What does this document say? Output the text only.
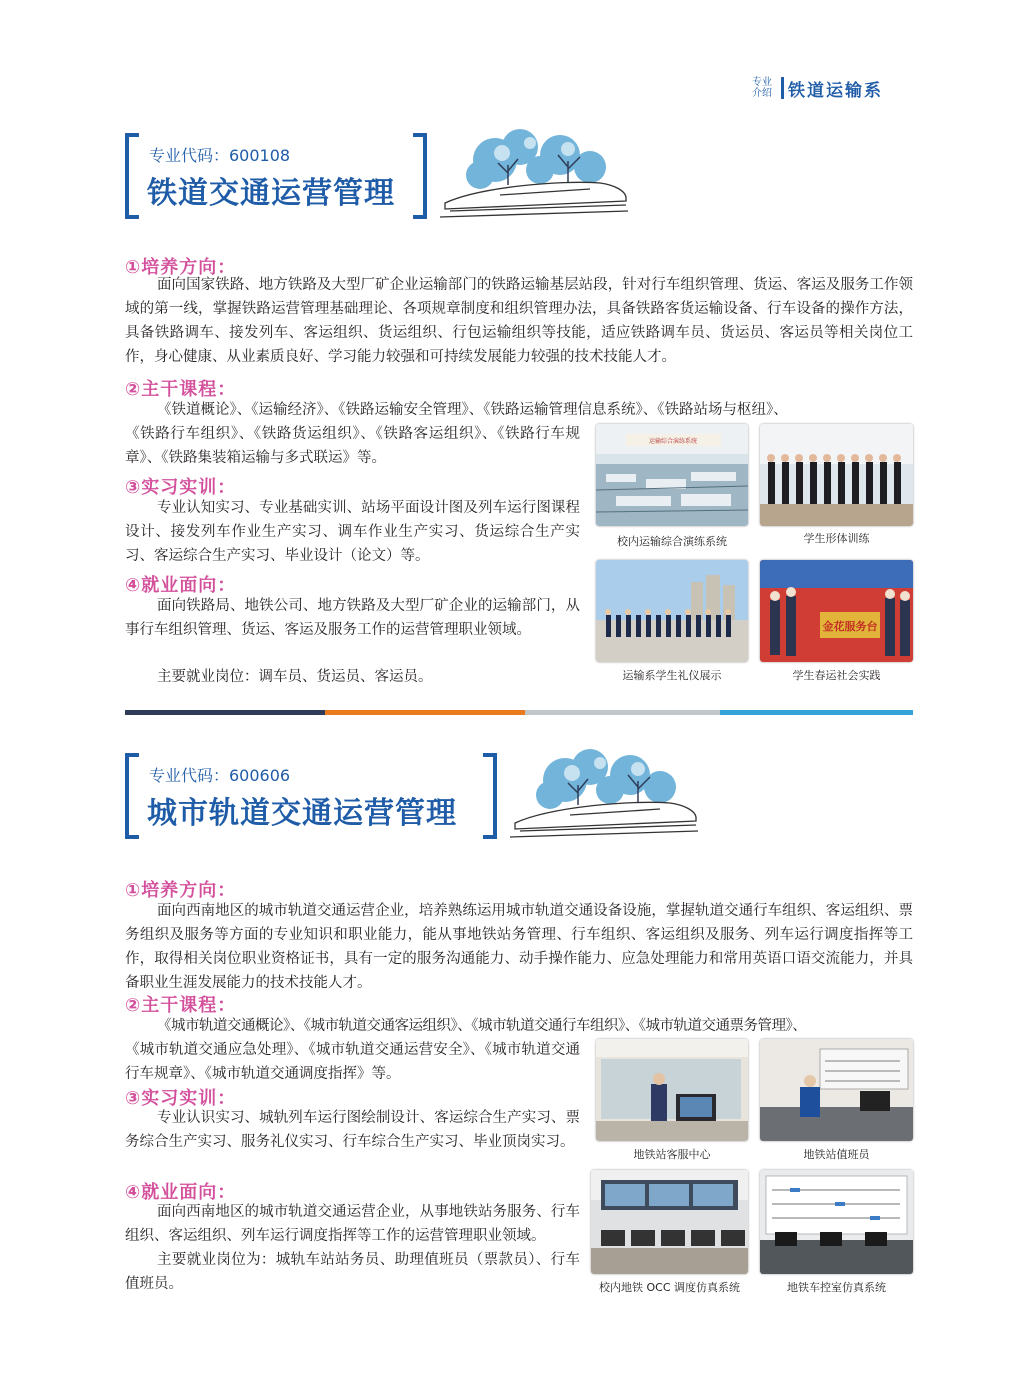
专业
介绍 铁道运输系
专业代码：600108
铁道交通运营管理
①培养方向：

面向国家铁路、地方铁路及大型厂矿企业运输部门的铁路运输基层站段，针对行车组织管理、货运、客运及服务工作领域的第一线，掌握铁路运营管理基础理论、各项规章制度和组织管理办法，具备铁路客货运输设备、行车设备的操作方法，具备铁路调车、接发列车、客运组织、货运组织、行包运输组织等技能，适应铁路调车员、货运员、客运员等相关岗位工作，身心健康、从业素质良好、学习能力较强和可持续发展能力较强的技术技能人才。

②主干课程：

《铁道概论》、《运输经济》、《铁路运输安全管理》、《铁路运输管理信息系统》、《铁路站场与枢纽》、

《铁路行车组织》、《铁路货运组织》、《铁路客运组织》、《铁路行车规章》、《铁路集装箱运输与多式联运》等。

③实习实训：

专业认知实习、专业基础实训、站场平面设计图及列车运行图课程设计、接发列车作业生产实习、调车作业生产实习、货运综合生产实习、客运综合生产实习、毕业设计（论文）等。

④就业面向：

面向铁路局、地铁公司、地方铁路及大型厂矿企业的运输部门，从事行车组织管理、货运、客运及服务工作的运营管理职业领域。

主要就业岗位：调车员、货运员、客运员。

运输综合演练系统
校内运输综合演练系统	学生形体训练
运输系学生礼仪展示
金花服务台
学生春运社会实践
专业代码：600606
城市轨道交通运营管理
①培养方向：

面向西南地区的城市轨道交通运营企业，培养熟练运用城市轨道交通设备设施，掌握轨道交通行车组织、客运组织、票务组织及服务等方面的专业知识和职业能力，能从事地铁站务管理、行车组织、客运组织及服务、列车运行调度指挥等工作，取得相关岗位职业资格证书，具有一定的服务沟通能力、动手操作能力、应急处理能力和常用英语口语交流能力，并具备职业生涯发展能力的技术技能人才。

②主干课程：

《城市轨道交通概论》、《城市轨道交通客运组织》、《城市轨道交通行车组织》、《城市轨道交通票务管理》、

《城市轨道交通应急处理》、《城市轨道交通运营安全》、《城市轨道交通行车规章》、《城市轨道交通调度指挥》等。

③实习实训：

专业认识实习、城轨列车运行图绘制设计、客运综合生产实习、票务综合生产实习、服务礼仪实习、行车综合生产实习、毕业顶岗实习。

④就业面向：

面向西南地区的城市轨道交通运营企业，从事地铁站务服务、行车组织、客运组织、列车运行调度指挥等工作的运营管理职业领域。

主要就业岗位为：城轨车站站务员、助理值班员（票款员）、行车值班员。

地铁站客服中心	地铁站值班员
校内地铁 OCC 调度仿真系统	地铁车控室仿真系统
